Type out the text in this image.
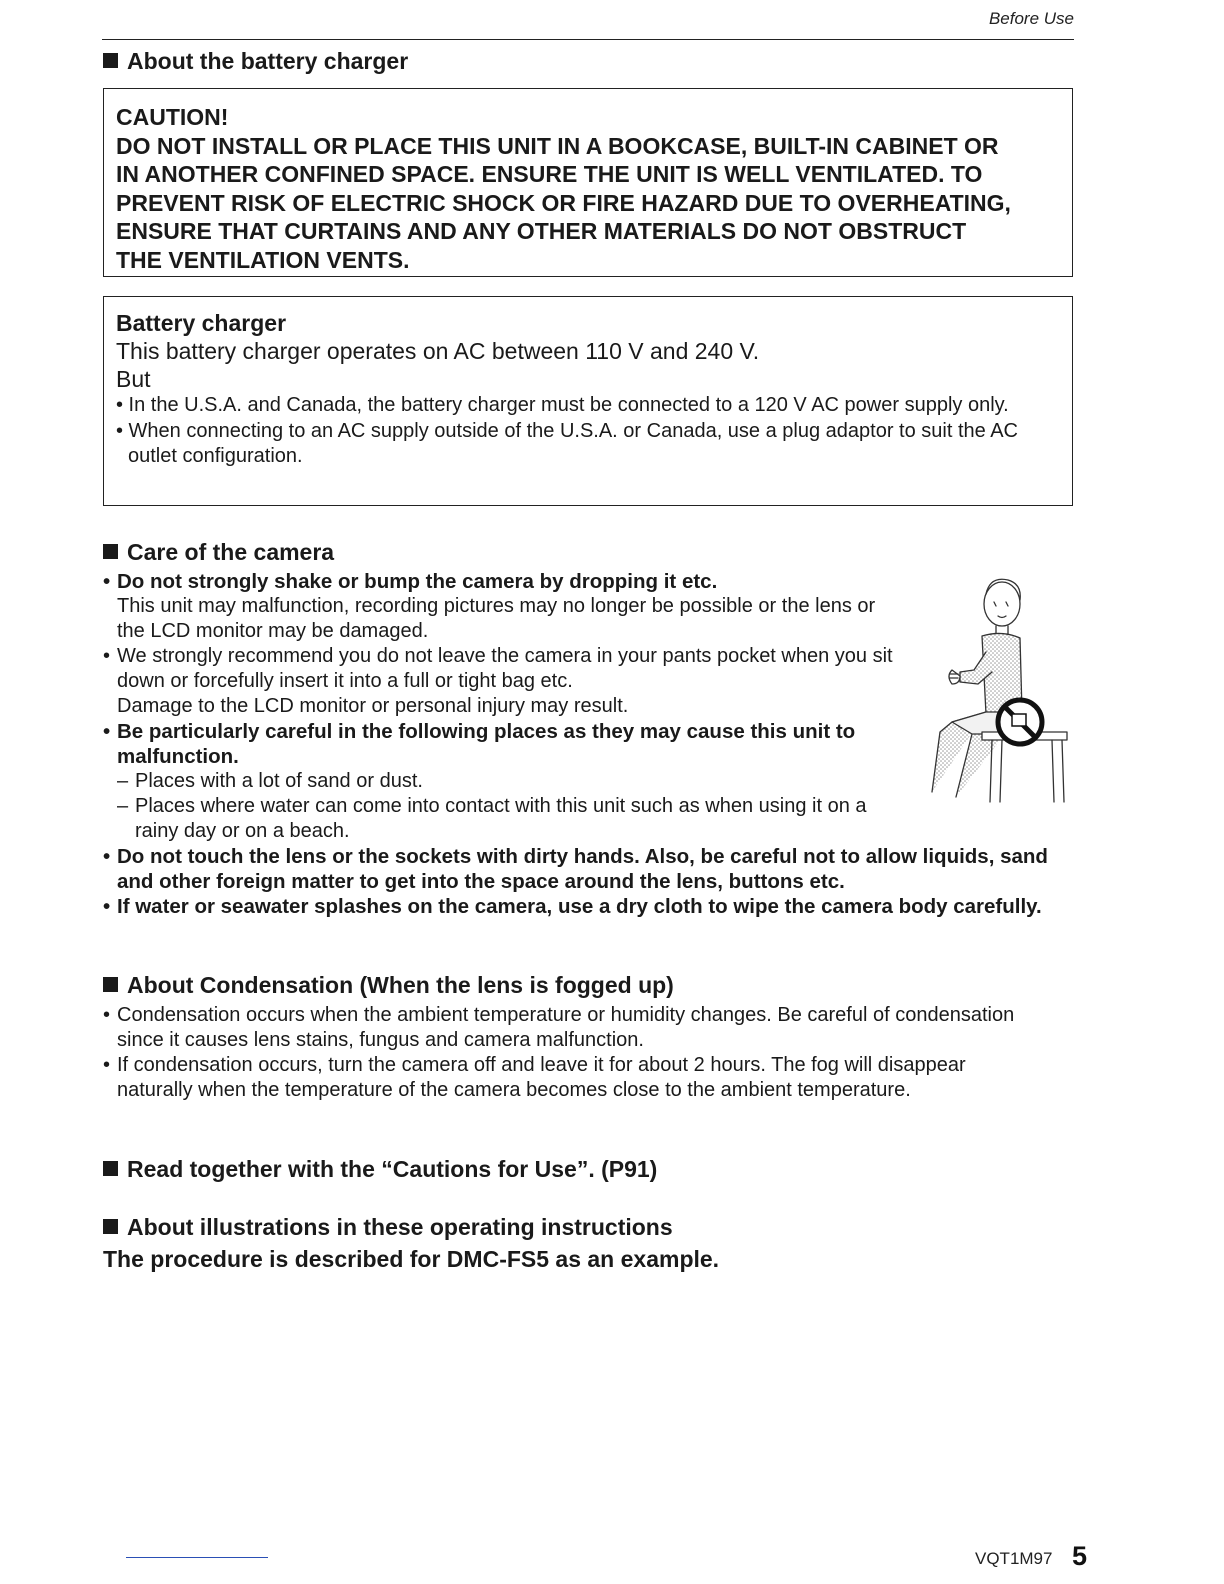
Before Use
About the battery charger
CAUTION!
DO NOT INSTALL OR PLACE THIS UNIT IN A BOOKCASE, BUILT-IN CABINET OR
IN ANOTHER CONFINED SPACE. ENSURE THE UNIT IS WELL VENTILATED. TO
PREVENT RISK OF ELECTRIC SHOCK OR FIRE HAZARD DUE TO OVERHEATING,
ENSURE THAT CURTAINS AND ANY OTHER MATERIALS DO NOT OBSTRUCT
THE VENTILATION VENTS.

Battery charger

This battery charger operates on AC between 110 V and 240 V.

But

• In the U.S.A. and Canada, the battery charger must be connected to a 120 V AC power supply only.

• When connecting to an AC supply outside of the U.S.A. or Canada, use a plug adaptor to suit the AC outlet configuration.

Care of the camera
• Do not strongly shake or bump the camera by dropping it etc.
This unit may malfunction, recording pictures may no longer be possible or the lens or the LCD monitor may be damaged.
• We strongly recommend you do not leave the camera in your pants pocket when you sit down or forcefully insert it into a full or tight bag etc.
Damage to the LCD monitor or personal injury may result.
• Be particularly careful in the following places as they may cause this unit to malfunction.
– Places with a lot of sand or dust.
– Places where water can come into contact with this unit such as when using it on a rainy day or on a beach.
• Do not touch the lens or the sockets with dirty hands. Also, be careful not to allow liquids, sand and other foreign matter to get into the space around the lens, buttons etc.
• If water or seawater splashes on the camera, use a dry cloth to wipe the camera body carefully.
About Condensation (When the lens is fogged up)
• Condensation occurs when the ambient temperature or humidity changes. Be careful of condensation since it causes lens stains, fungus and camera malfunction.
• If condensation occurs, turn the camera off and leave it for about 2 hours. The fog will disappear naturally when the temperature of the camera becomes close to the ambient temperature.
Read together with the “Cautions for Use”. (P91)
About illustrations in these operating instructions
The procedure is described for DMC-FS5 as an example.
VQT1M97 5
